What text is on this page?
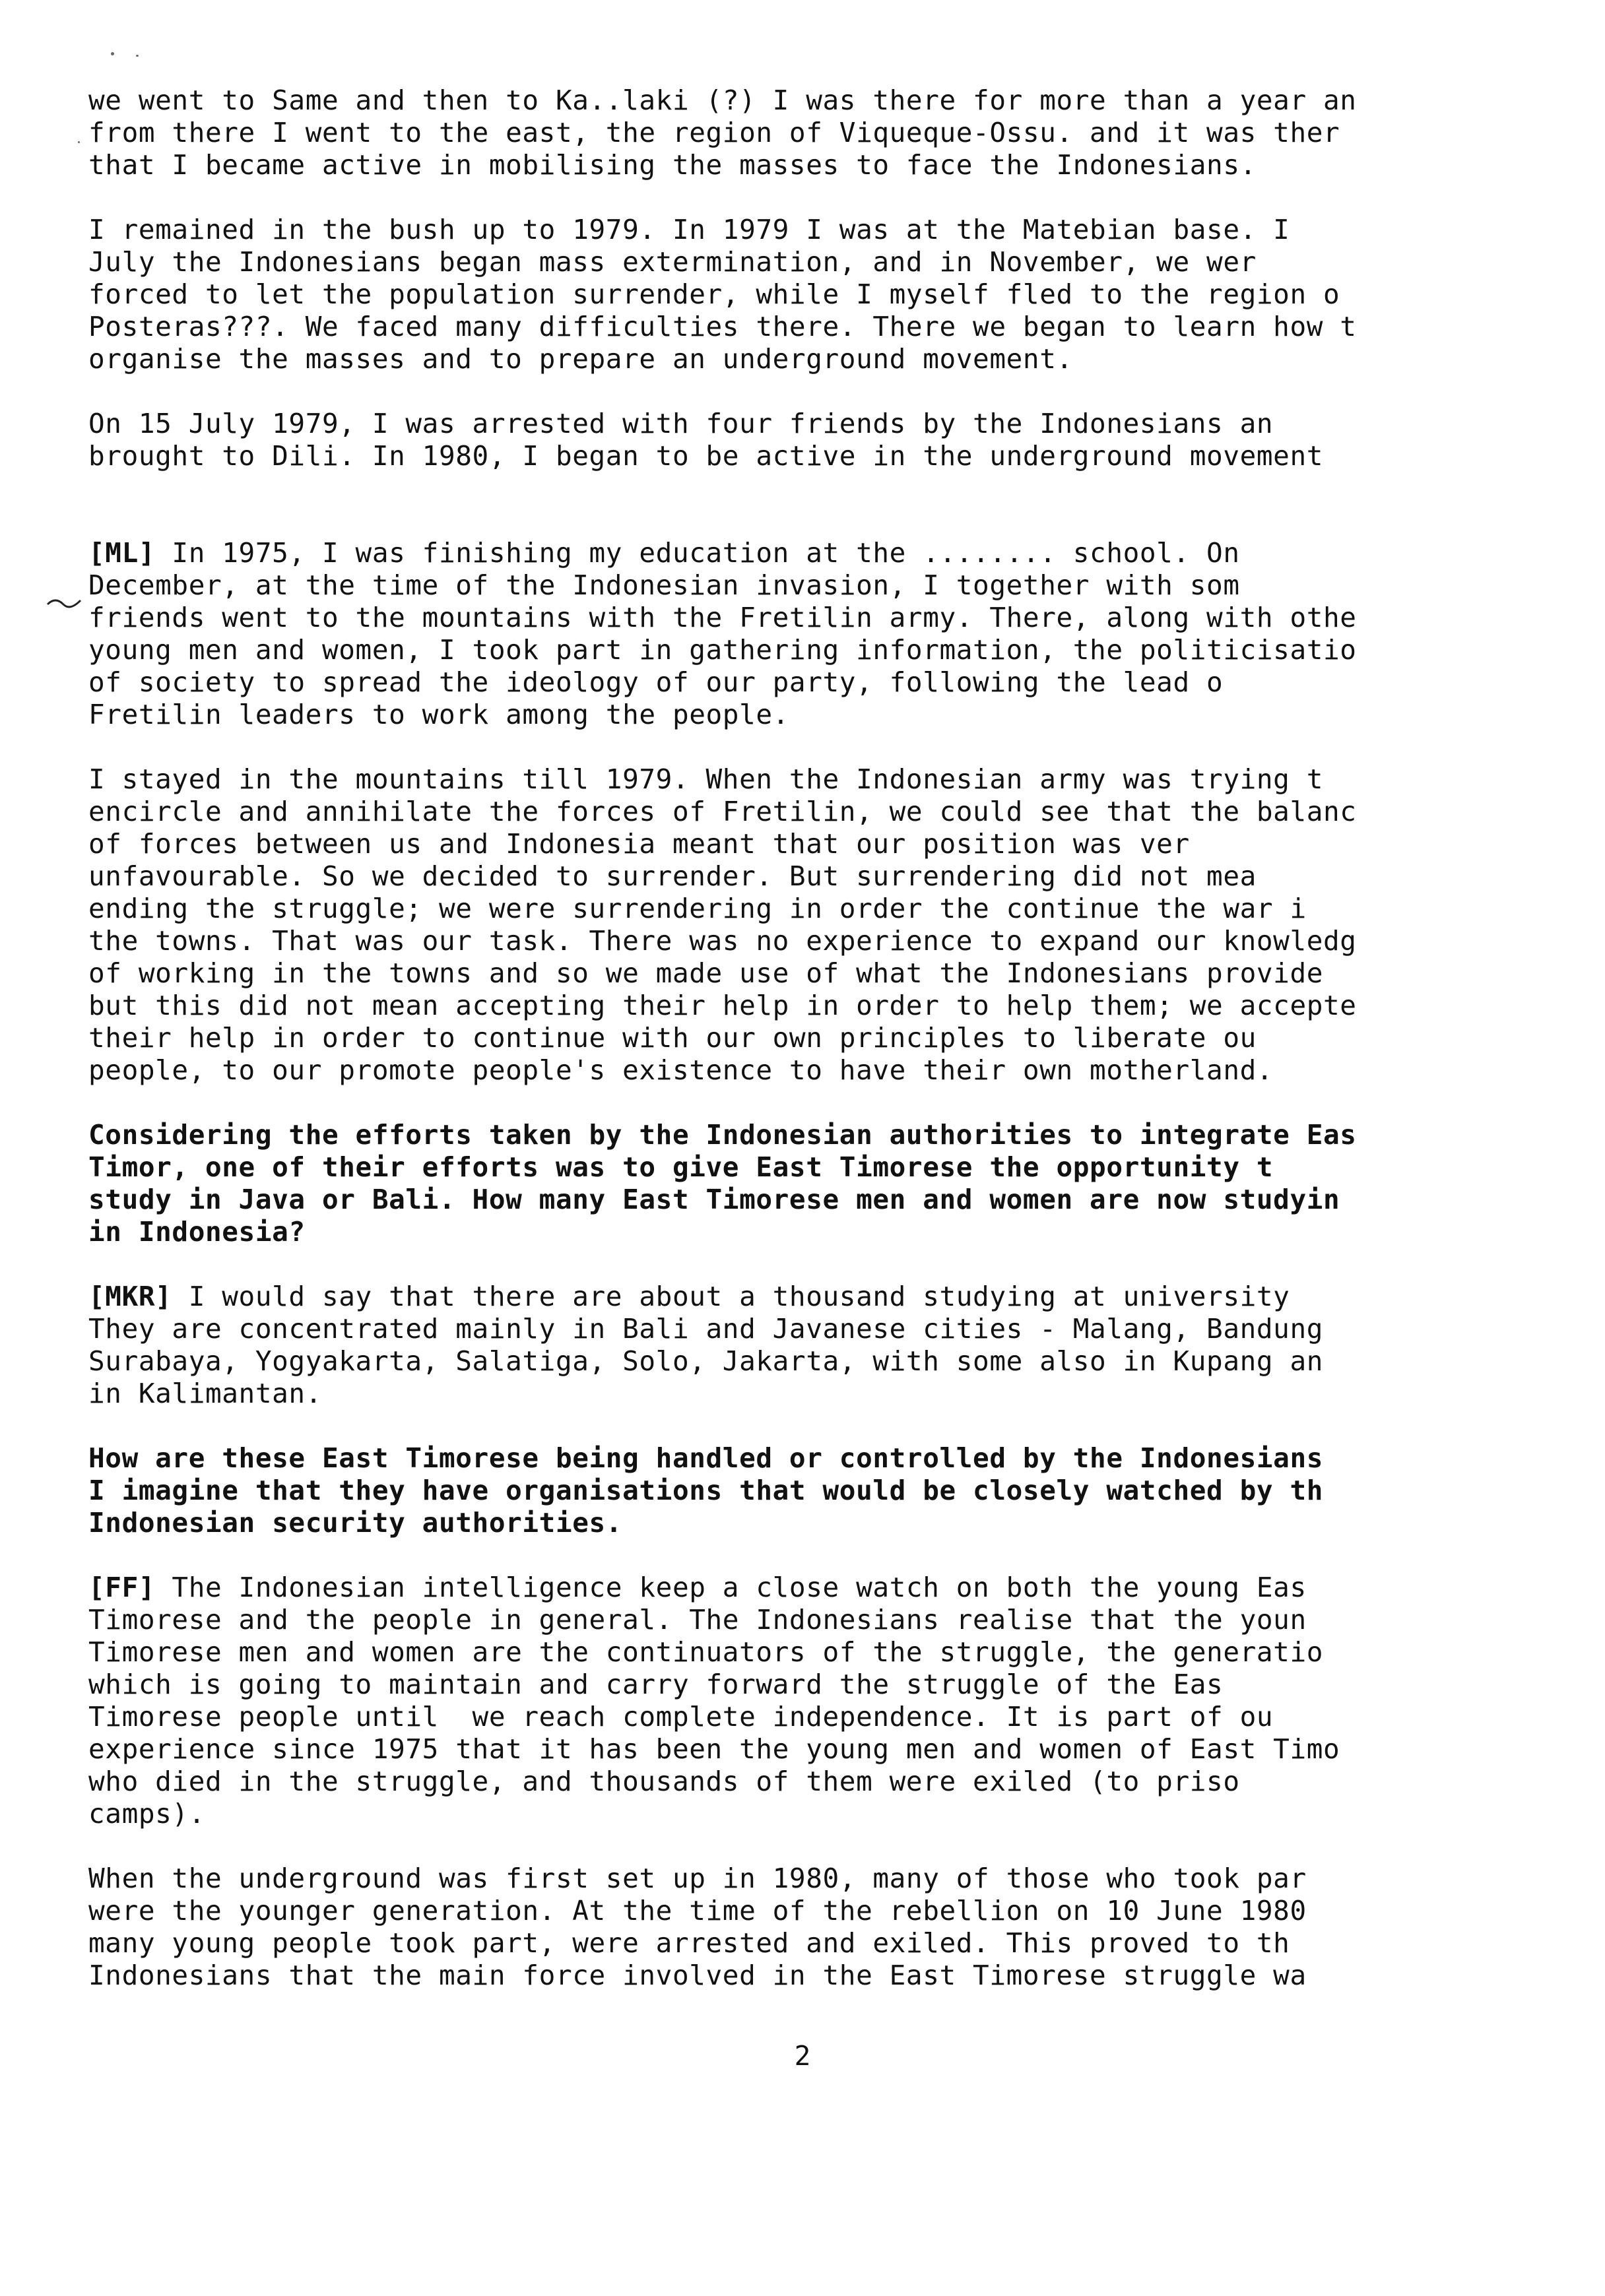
we went to Same and then to Ka..laki (?) I was there for more than a year an
from there I went to the east, the region of Viqueque-Ossu. and it was ther
that I became active in mobilising the masses to face the Indonesians.
I remained in the bush up to 1979. In 1979 I was at the Matebian base. I
July the Indonesians began mass extermination, and in November, we wer
forced to let the population surrender, while I myself fled to the region o
Posteras???. We faced many difficulties there. There we began to learn how t
organise the masses and to prepare an underground movement.
On 15 July 1979, I was arrested with four friends by the Indonesians an
brought to Dili. In 1980, I began to be active in the underground movement
[ML] In 1975, I was finishing my education at the ........ school. On
December, at the time of the Indonesian invasion, I together with som
friends went to the mountains with the Fretilin army. There, along with othe
young men and women, I took part in gathering information, the politicisatio
of society to spread the ideology of our party, following the lead o
Fretilin leaders to work among the people.
I stayed in the mountains till 1979. When the Indonesian army was trying t
encircle and annihilate the forces of Fretilin, we could see that the balanc
of forces between us and Indonesia meant that our position was ver
unfavourable. So we decided to surrender. But surrendering did not mea
ending the struggle; we were surrendering in order the continue the war i
the towns. That was our task. There was no experience to expand our knowledg
of working in the towns and so we made use of what the Indonesians provide
but this did not mean accepting their help in order to help them; we accepte
their help in order to continue with our own principles to liberate ou
people, to our promote people's existence to have their own motherland.
Considering the efforts taken by the Indonesian authorities to integrate Eas
Timor, one of their efforts was to give East Timorese the opportunity t
study in Java or Bali. How many East Timorese men and women are now studyin
in Indonesia?
[MKR] I would say that there are about a thousand studying at university
They are concentrated mainly in Bali and Javanese cities - Malang, Bandung
Surabaya, Yogyakarta, Salatiga, Solo, Jakarta, with some also in Kupang an
in Kalimantan.
How are these East Timorese being handled or controlled by the Indonesians
I imagine that they have organisations that would be closely watched by th
Indonesian security authorities.
[FF] The Indonesian intelligence keep a close watch on both the young Eas
Timorese and the people in general. The Indonesians realise that the youn
Timorese men and women are the continuators of the struggle, the generatio
which is going to maintain and carry forward the struggle of the Eas
Timorese people until  we reach complete independence. It is part of ou
experience since 1975 that it has been the young men and women of East Timo
who died in the struggle, and thousands of them were exiled (to priso
camps).
When the underground was first set up in 1980, many of those who took par
were the younger generation. At the time of the rebellion on 10 June 1980
many young people took part, were arrested and exiled. This proved to th
Indonesians that the main force involved in the East Timorese struggle wa
2
